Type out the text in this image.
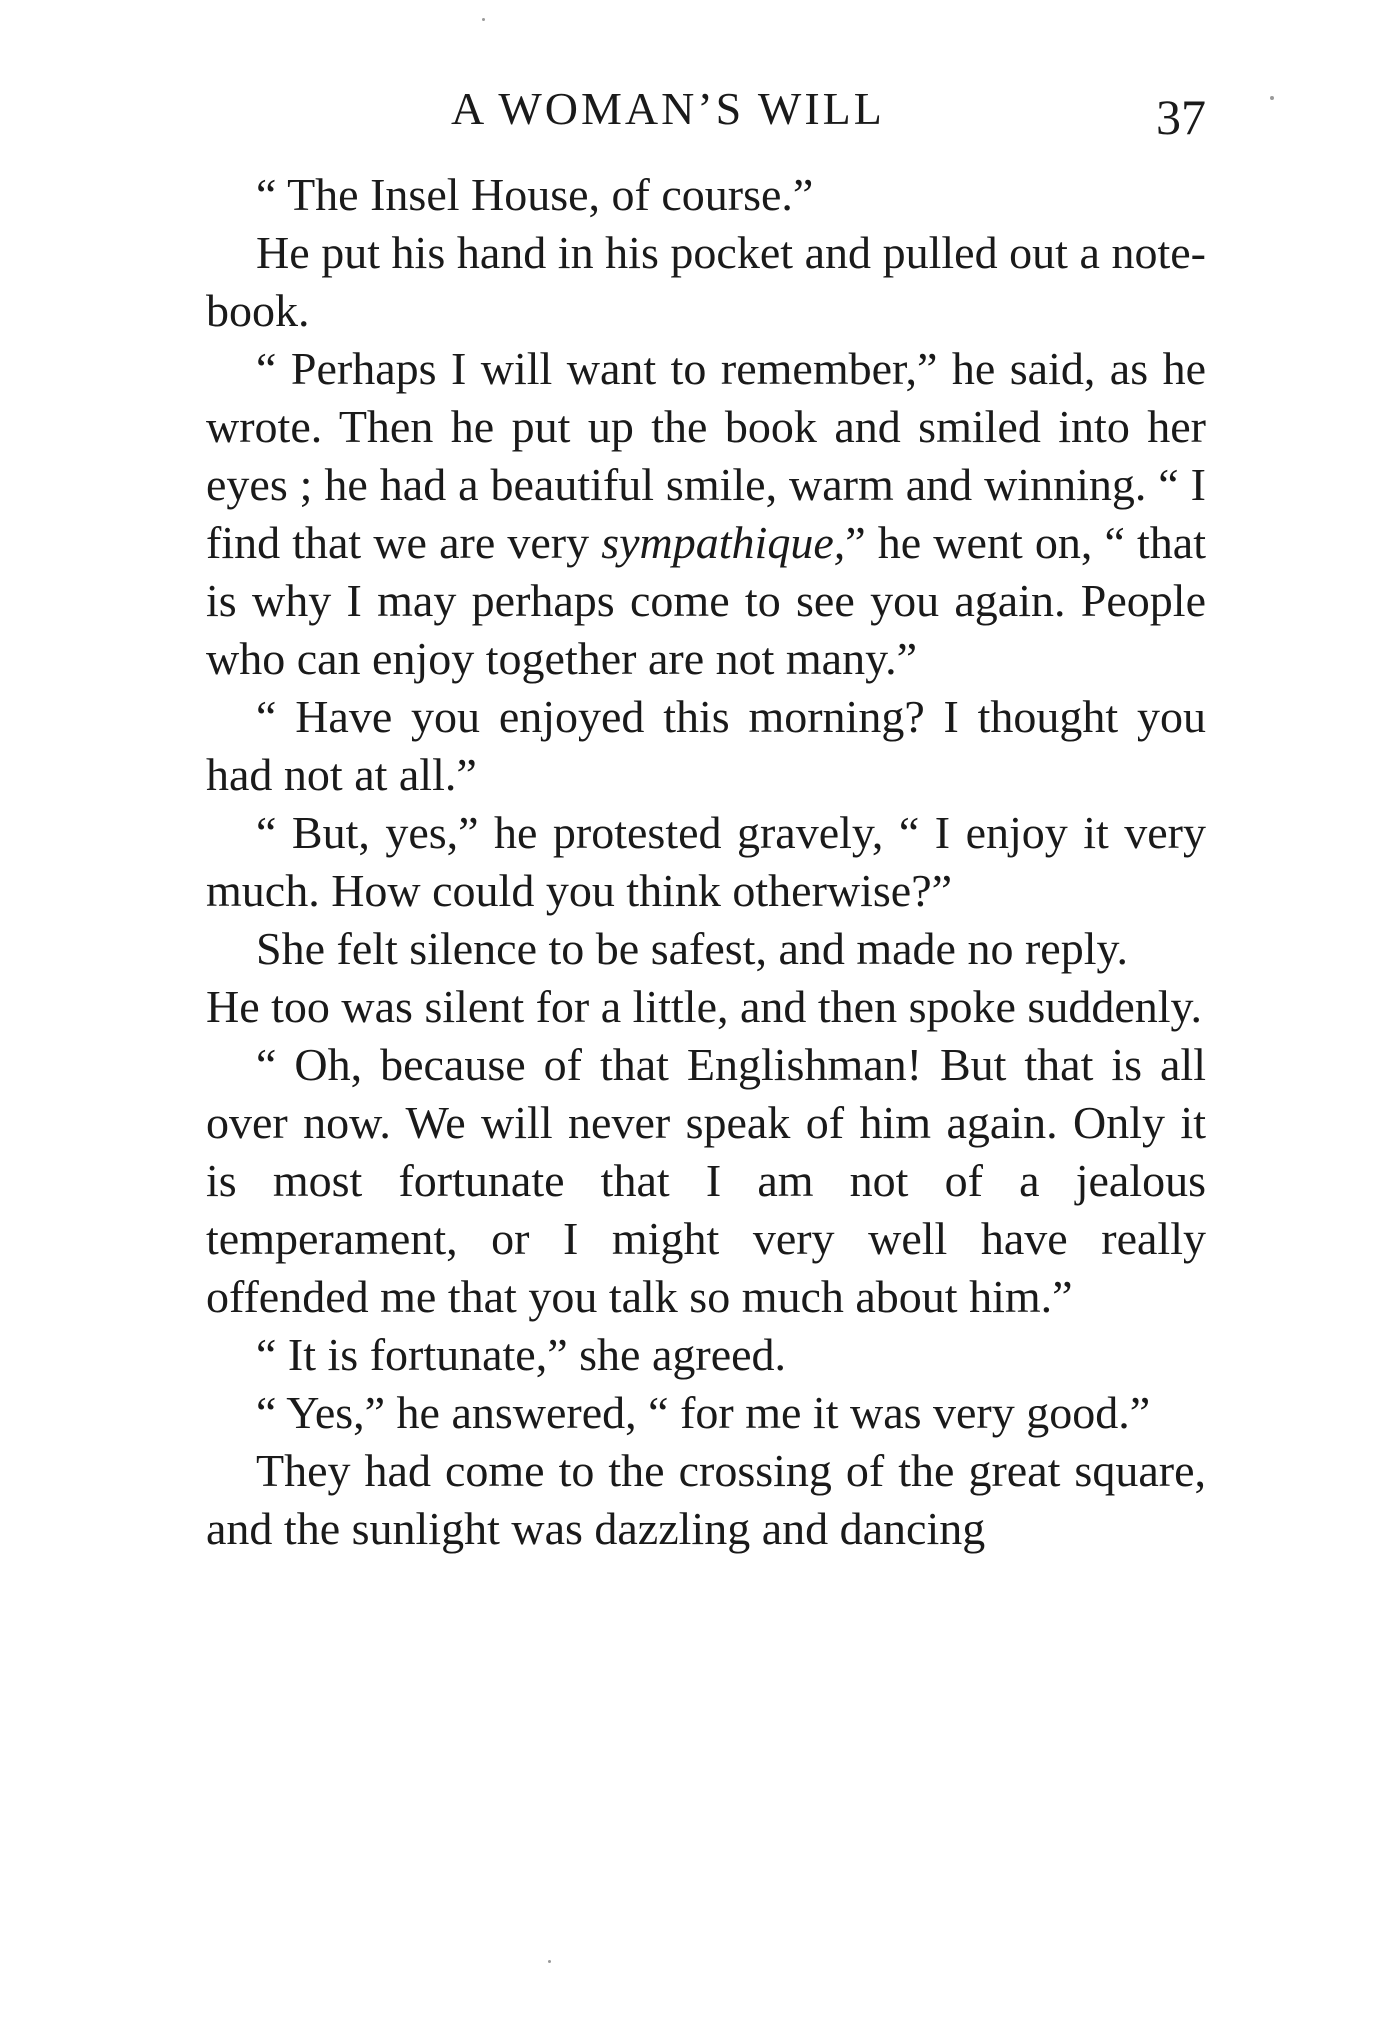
A WOMAN’S WILL	37

“ The Insel House, of course.”

He put his hand in his pocket and pulled out a note-book.

“ Perhaps I will want to remember,” he said, as he wrote. Then he put up the book and smiled into her eyes ; he had a beautiful smile, warm and winning. “ I find that we are very sympathique,” he went on, “ that is why I may perhaps come to see you again. People who can enjoy together are not many.”

“ Have you enjoyed this morning? I thought you had not at all.”

“ But, yes,” he protested gravely, “ I enjoy it very much. How could you think otherwise?”

She felt silence to be safest, and made no reply.

He too was silent for a little, and then spoke suddenly.

“ Oh, because of that Englishman! But that is all over now. We will never speak of him again. Only it is most fortunate that I am not of a jealous temperament, or I might very well have really offended me that you talk so much about him.”

“ It is fortunate,” she agreed.

“ Yes,” he answered, “ for me it was very good.”

They had come to the crossing of the great square, and the sunlight was dazzling and dancing
